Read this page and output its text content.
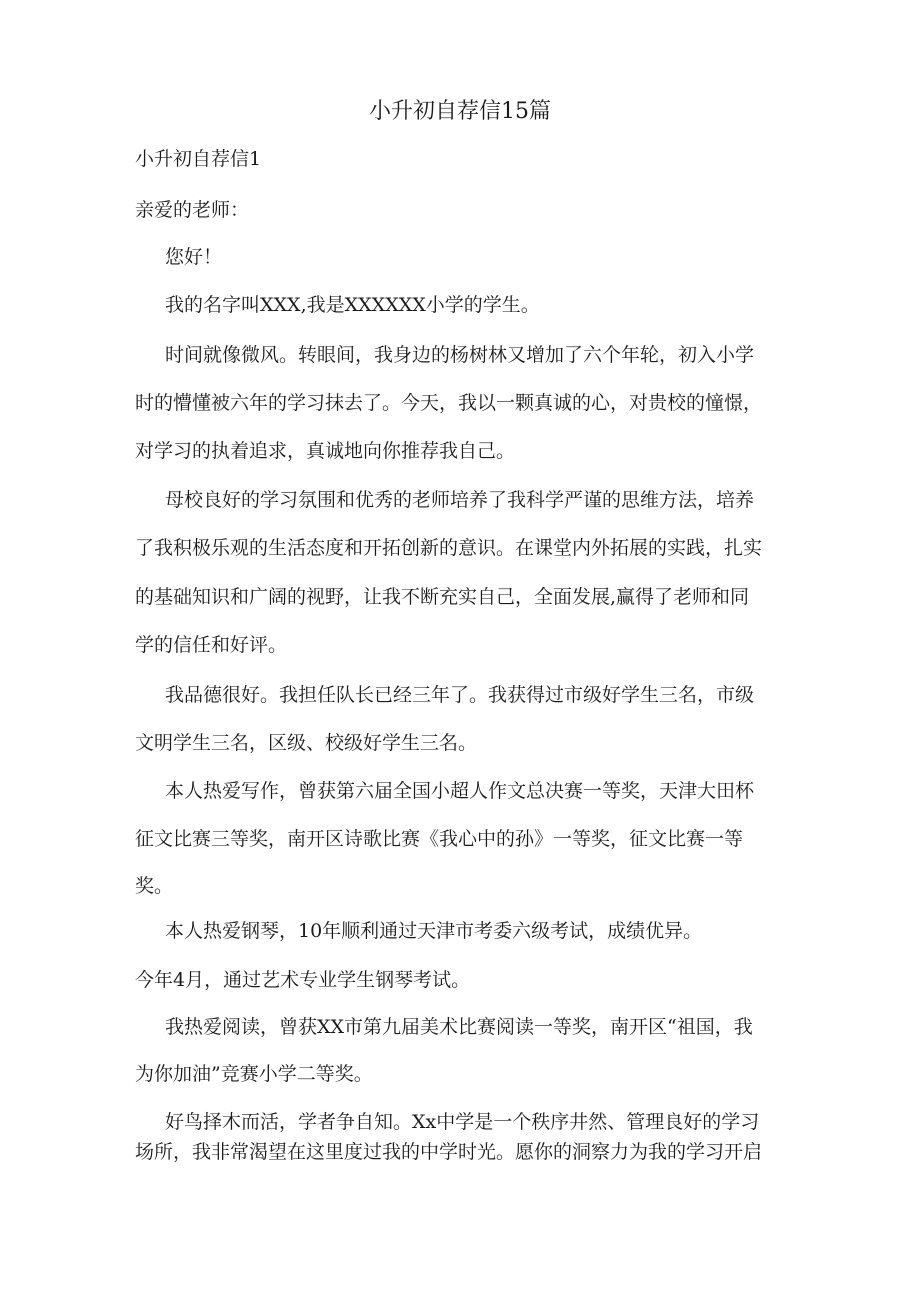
小升初自荐信15篇
小升初自荐信1
亲爱的老师：
您好！
我的名字叫XXX,我是XXXXXX小学的学生。
时间就像微风。转眼间，我身边的杨树林又增加了六个年轮，初入小学
时的懵懂被六年的学习抹去了。今天，我以一颗真诚的心，对贵校的憧憬，
对学习的执着追求，真诚地向你推荐我自己。
母校良好的学习氛围和优秀的老师培养了我科学严谨的思维方法，培养
了我积极乐观的生活态度和开拓创新的意识。在课堂内外拓展的实践，扎实
的基础知识和广阔的视野，让我不断充实自己，全面发展,赢得了老师和同
学的信任和好评。
我品德很好。我担任队长已经三年了。我获得过市级好学生三名，市级
文明学生三名，区级、校级好学生三名。
本人热爱写作，曾获第六届全国小超人作文总决赛一等奖，天津大田杯
征文比赛三等奖，南开区诗歌比赛《我心中的孙》一等奖，征文比赛一等
奖。
本人热爱钢琴，10年顺利通过天津市考委六级考试，成绩优异。
今年4月，通过艺术专业学生钢琴考试。
我热爱阅读，曾获XX市第九届美术比赛阅读一等奖，南开区“祖国，我
为你加油”竞赛小学二等奖。
好鸟择木而活，学者争自知。Xx中学是一个秩序井然、管理良好的学习
场所，我非常渴望在这里度过我的中学时光。愿你的洞察力为我的学习开启
